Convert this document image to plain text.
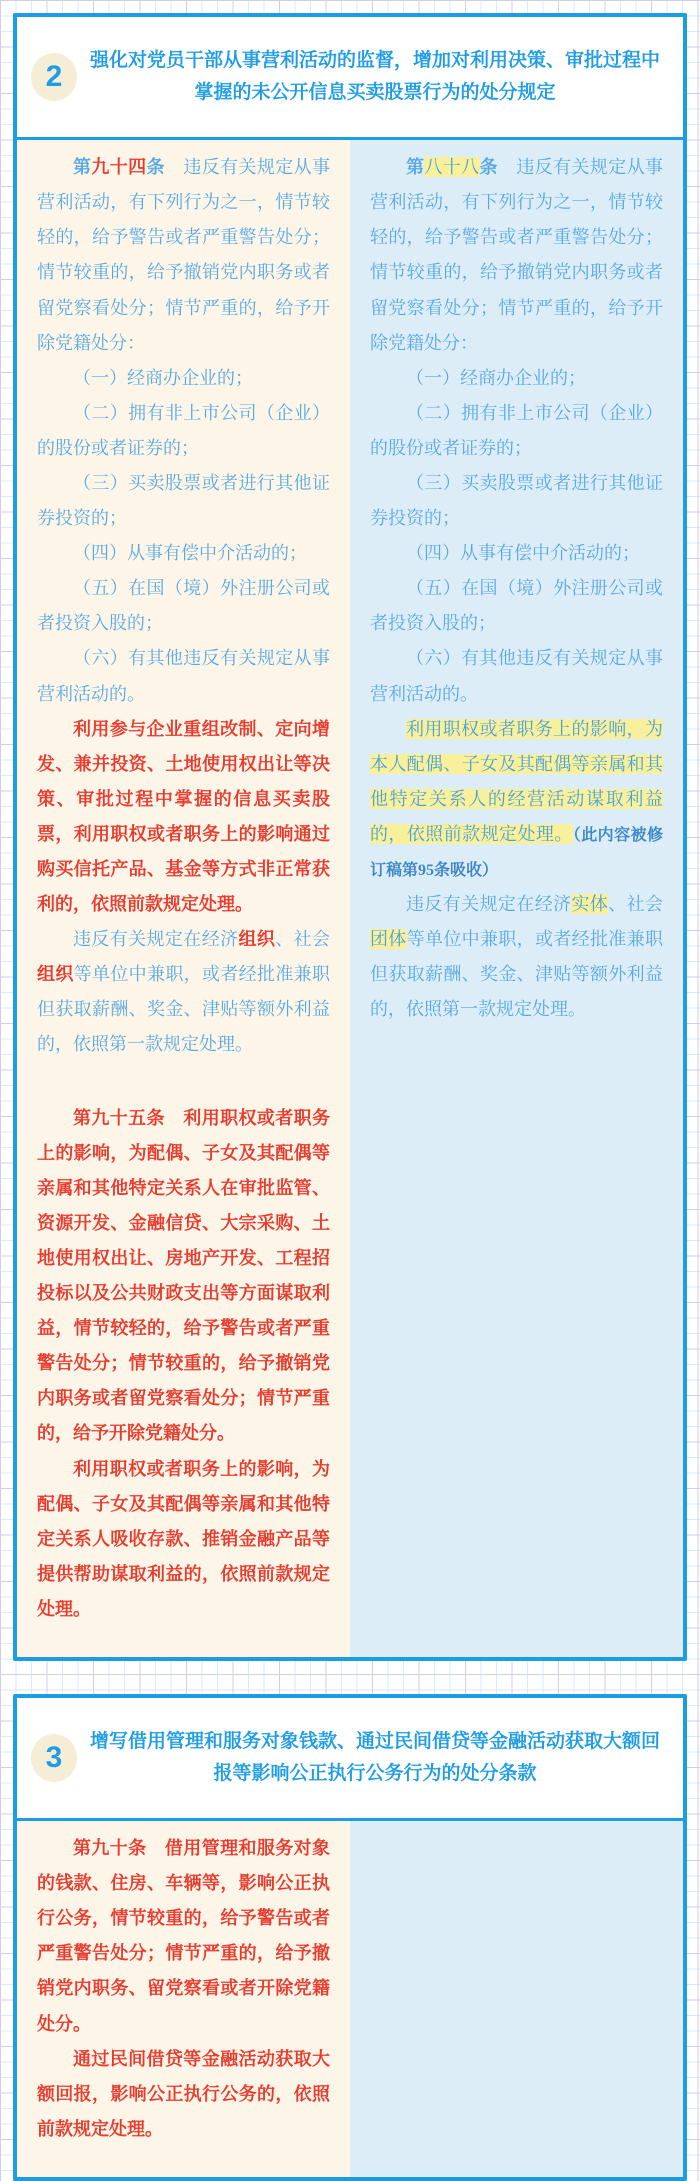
2	强化对党员干部从事营利活动的监督，增加对利用决策、审批过程中掌握的未公开信息买卖股票行为的处分规定
第九十四条　违反有关规定从事营利活动，有下列行为之一，情节较轻的，给予警告或者严重警告处分；情节较重的，给予撤销党内职务或者留党察看处分；情节严重的，给予开除党籍处分：
（一）经商办企业的；
（二）拥有非上市公司（企业）的股份或者证券的；
（三）买卖股票或者进行其他证券投资的；
（四）从事有偿中介活动的；
（五）在国（境）外注册公司或者投资入股的；
（六）有其他违反有关规定从事营利活动的。
利用参与企业重组改制、定向增发、兼并投资、土地使用权出让等决策、审批过程中掌握的信息买卖股票，利用职权或者职务上的影响通过购买信托产品、基金等方式非正常获利的，依照前款规定处理。
违反有关规定在经济组织、社会组织等单位中兼职，或者经批准兼职但获取薪酬、奖金、津贴等额外利益的，依照第一款规定处理。
第九十五条　利用职权或者职务上的影响，为配偶、子女及其配偶等亲属和其他特定关系人在审批监管、资源开发、金融信贷、大宗采购、土地使用权出让、房地产开发、工程招投标以及公共财政支出等方面谋取利益，情节较轻的，给予警告或者严重警告处分；情节较重的，给予撤销党内职务或者留党察看处分；情节严重的，给予开除党籍处分。
利用职权或者职务上的影响，为配偶、子女及其配偶等亲属和其他特定关系人吸收存款、推销金融产品等提供帮助谋取利益的，依照前款规定处理。
第八十八条　违反有关规定从事营利活动，有下列行为之一，情节较轻的，给予警告或者严重警告处分；情节较重的，给予撤销党内职务或者留党察看处分；情节严重的，给予开除党籍处分：
（一）经商办企业的；
（二）拥有非上市公司（企业）的股份或者证券的；
（三）买卖股票或者进行其他证券投资的；
（四）从事有偿中介活动的；
（五）在国（境）外注册公司或者投资入股的；
（六）有其他违反有关规定从事营利活动的。
利用职权或者职务上的影响，为本人配偶、子女及其配偶等亲属和其他特定关系人的经营活动谋取利益的，依照前款规定处理。（此内容被修订稿第95条吸收）
违反有关规定在经济实体、社会团体等单位中兼职，或者经批准兼职但获取薪酬、奖金、津贴等额外利益的，依照第一款规定处理。
3	增写借用管理和服务对象钱款、通过民间借贷等金融活动获取大额回报等影响公正执行公务行为的处分条款
第九十条　借用管理和服务对象的钱款、住房、车辆等，影响公正执行公务，情节较重的，给予警告或者严重警告处分；情节严重的，给予撤销党内职务、留党察看或者开除党籍处分。
通过民间借贷等金融活动获取大额回报，影响公正执行公务的，依照前款规定处理。
